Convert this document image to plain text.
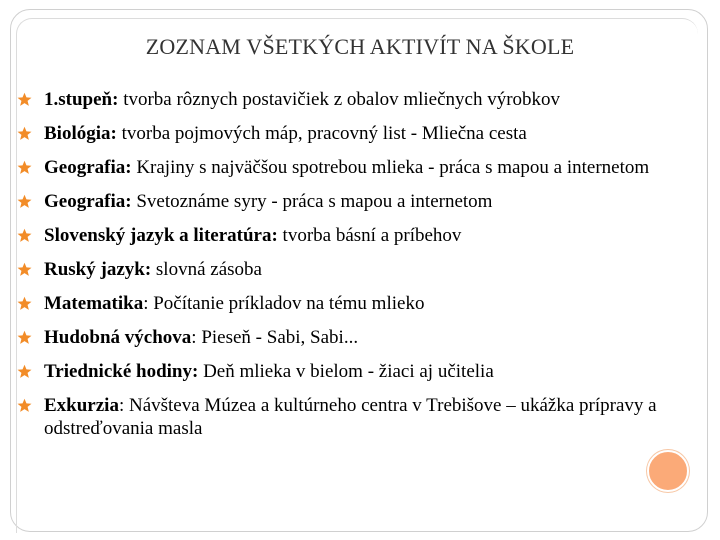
ZOZNAM VŠETKÝCH AKTIVÍT NA ŠKOLE
1.stupeň: tvorba rôznych postavičiek z obalov mliečnych výrobkov
Biológia: tvorba pojmových máp, pracovný list - Mliečna cesta
Geografia: Krajiny s najväčšou spotrebou mlieka - práca s mapou a internetom
Geografia: Svetoznáme syry - práca s mapou a internetom
Slovenský jazyk a literatúra: tvorba básní a príbehov
Ruský jazyk: slovná zásoba
Matematika: Počítanie príkladov na tému mlieko
Hudobná výchova: Pieseň - Sabi, Sabi...
Triednické hodiny: Deň mlieka v bielom - žiaci aj učitelia
Exkurzia: Návšteva Múzea a kultúrneho centra v Trebišove – ukážka prípravy a odstreďovania masla
